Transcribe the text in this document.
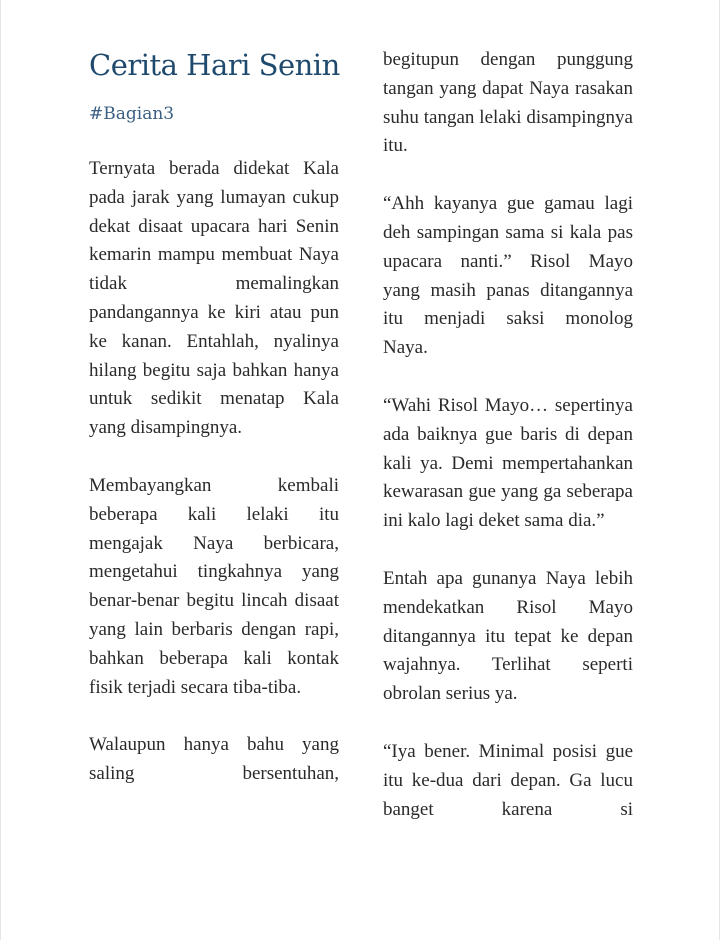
Cerita Hari Senin
#Bagian3

Ternyata berada didekat Kala pada jarak yang lumayan cukup dekat disaat upacara hari Senin kemarin mampu membuat Naya tidak memalingkan pandangannya ke kiri atau pun ke kanan. Entahlah, nyalinya hilang begitu saja bahkan hanya untuk sedikit menatap Kala yang disampingnya.

Membayangkan kembali beberapa kali lelaki itu mengajak Naya berbicara, mengetahui tingkahnya yang benar-benar begitu lincah disaat yang lain berbaris dengan rapi, bahkan beberapa kali kontak fisik terjadi secara tiba-tiba.

Walaupun hanya bahu yang saling bersentuhan,

begitupun dengan punggung tangan yang dapat Naya rasakan suhu tangan lelaki disampingnya itu.

“Ahh kayanya gue gamau lagi deh sampingan sama si kala pas upacara nanti.” Risol Mayo yang masih panas ditangannya itu menjadi saksi monolog Naya.

“Wahi Risol Mayo… sepertinya ada baiknya gue baris di depan kali ya. Demi mempertahankan kewarasan gue yang ga seberapa ini kalo lagi deket sama dia.”

Entah apa gunanya Naya lebih mendekatkan Risol Mayo ditangannya itu tepat ke depan wajahnya. Terlihat seperti obrolan serius ya.

“Iya bener. Minimal posisi gue itu ke-dua dari depan. Ga lucu banget karena si
